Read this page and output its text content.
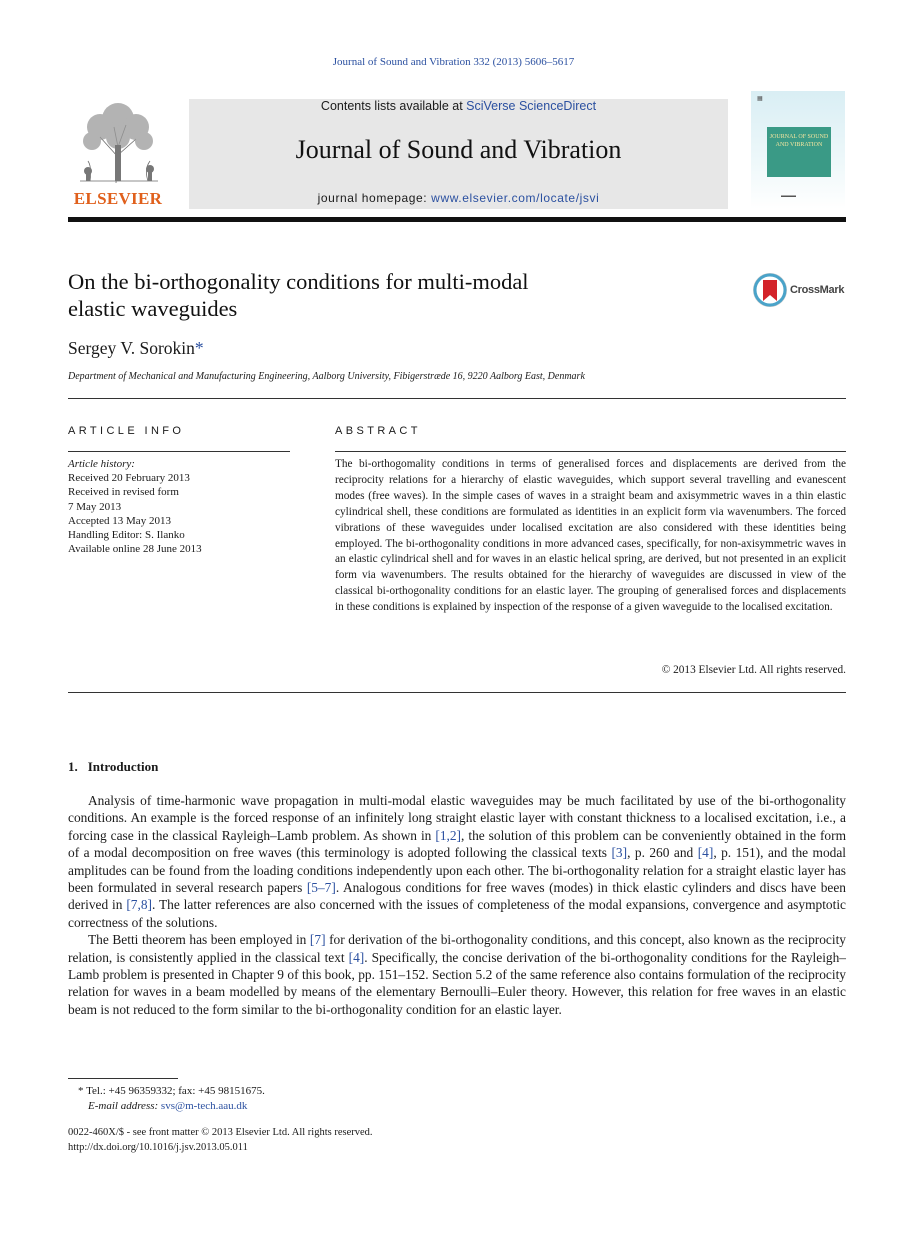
Journal of Sound and Vibration 332 (2013) 5606–5617
ELSEVIER
Contents lists available at SciVerse ScienceDirect
Journal of Sound and Vibration
journal homepage: www.elsevier.com/locate/jsvi
▦
JOURNAL OF SOUND AND VIBRATION
▬▬▬
On the bi-orthogonality conditions for multi-modal
elastic waveguides
CrossMark
Sergey V. Sorokin*
Department of Mechanical and Manufacturing Engineering, Aalborg University, Fibigerstræde 16, 9220 Aalborg East, Denmark
ARTICLE INFO	ABSTRACT
Article history:
Received 20 February 2013
Received in revised form
7 May 2013
Accepted 13 May 2013
Handling Editor: S. Ilanko
Available online 28 June 2013
The bi-orthogomality conditions in terms of generalised forces and displacements are derived from the reciprocity relations for a hierarchy of elastic waveguides, which support several travelling and evanescent modes (free waves). In the simple cases of waves in a straight beam and axisymmetric waves in a thin elastic cylindrical shell, these conditions are formulated as identities in an explicit form via wavenumbers. The forced vibrations of these waveguides under localised excitation are also considered with these identities being employed. The bi-orthogonality conditions in more advanced cases, specifically, for non-axisymmetric waves in an elastic cylindrical shell and for waves in an elastic helical spring, are derived, but not presented in an explicit form via wavenumbers. The results obtained for the hierarchy of waveguides are discussed in view of the classical bi-orthogonality conditions for an elastic layer. The grouping of generalised forces and displacements in these conditions is explained by inspection of the response of a given waveguide to the localised excitation.
© 2013 Elsevier Ltd. All rights reserved.
1. Introduction

Analysis of time-harmonic wave propagation in multi-modal elastic waveguides may be much facilitated by use of the bi-orthogonality conditions. An example is the forced response of an infinitely long straight elastic layer with constant thickness to a localised excitation, i.e., a forcing case in the classical Rayleigh–Lamb problem. As shown in [1,2], the solution of this problem can be conveniently obtained in the form of a modal decomposition on free waves (this terminology is adopted following the classical texts [3], p. 260 and [4], p. 151), and the modal amplitudes can be found from the loading conditions independently upon each other. The bi-orthogonality relation for a straight elastic layer has been formulated in several research papers [5–7]. Analogous conditions for free waves (modes) in thick elastic cylinders and discs have been derived in [7,8]. The latter references are also concerned with the issues of completeness of the modal expansions, convergence and asymptotic correctness of the solutions.

The Betti theorem has been employed in [7] for derivation of the bi-orthogonality conditions, and this concept, also known as the reciprocity relation, is consistently applied in the classical text [4]. Specifically, the concise derivation of the bi-orthogonality conditions for the Rayleigh–Lamb problem is presented in Chapter 9 of this book, pp. 151–152. Section 5.2 of the same reference also contains formulation of the reciprocity relation for waves in a beam modelled by means of the elementary Bernoulli–Euler theory. However, this relation for free waves in an elastic beam is not reduced to the form similar to the bi-orthogonality condition for an elastic layer.

* Tel.: +45 96359332; fax: +45 98151675.
E-mail address: svs@m-tech.aau.dk
0022-460X/$ - see front matter © 2013 Elsevier Ltd. All rights reserved.
http://dx.doi.org/10.1016/j.jsv.2013.05.011
